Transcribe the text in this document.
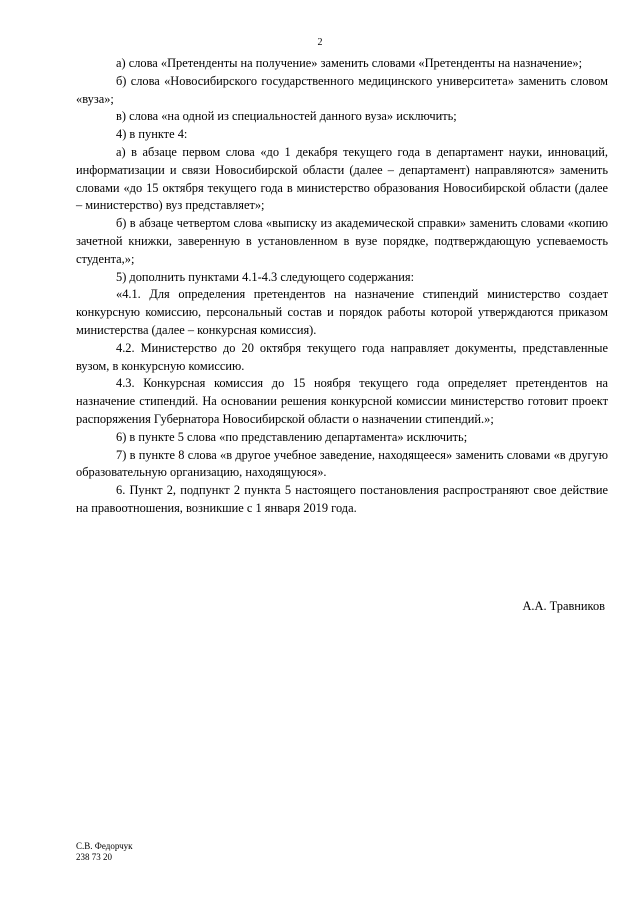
2

а) слова «Претенденты на получение» заменить словами «Претенденты на назначение»;

б) слова «Новосибирского государственного медицинского университета» заменить словом «вуза»;

в) слова «на одной из специальностей данного вуза» исключить;

4) в пункте 4:

а) в абзаце первом слова «до 1 декабря текущего года в департамент науки, инноваций, информатизации и связи Новосибирской области (далее – департамент) направляются» заменить словами «до 15 октября текущего года в министерство образования Новосибирской области (далее – министерство) вуз представляет»;

б) в абзаце четвертом слова «выписку из академической справки» заменить словами «копию зачетной книжки, заверенную в установленном в вузе порядке, подтверждающую успеваемость студента,»;

5) дополнить пунктами 4.1-4.3 следующего содержания:

«4.1. Для определения претендентов на назначение стипендий министерство создает конкурсную комиссию, персональный состав и порядок работы которой утверждаются приказом министерства (далее – конкурсная комиссия).

4.2. Министерство до 20 октября текущего года направляет документы, представленные вузом, в конкурсную комиссию.

4.3. Конкурсная комиссия до 15 ноября текущего года определяет претендентов на назначение стипендий. На основании решения конкурсной комиссии министерство готовит проект распоряжения Губернатора Новосибирской области о назначении стипендий.»;

6) в пункте 5 слова «по представлению департамента» исключить;

7) в пункте 8 слова «в другое учебное заведение, находящееся» заменить словами «в другую образовательную организацию, находящуюся».

6. Пункт 2, подпункт 2 пункта 5 настоящего постановления распространяют свое действие на правоотношения, возникшие с 1 января 2019 года.

А.А. Травников
С.В. Федорчук
238 73 20
